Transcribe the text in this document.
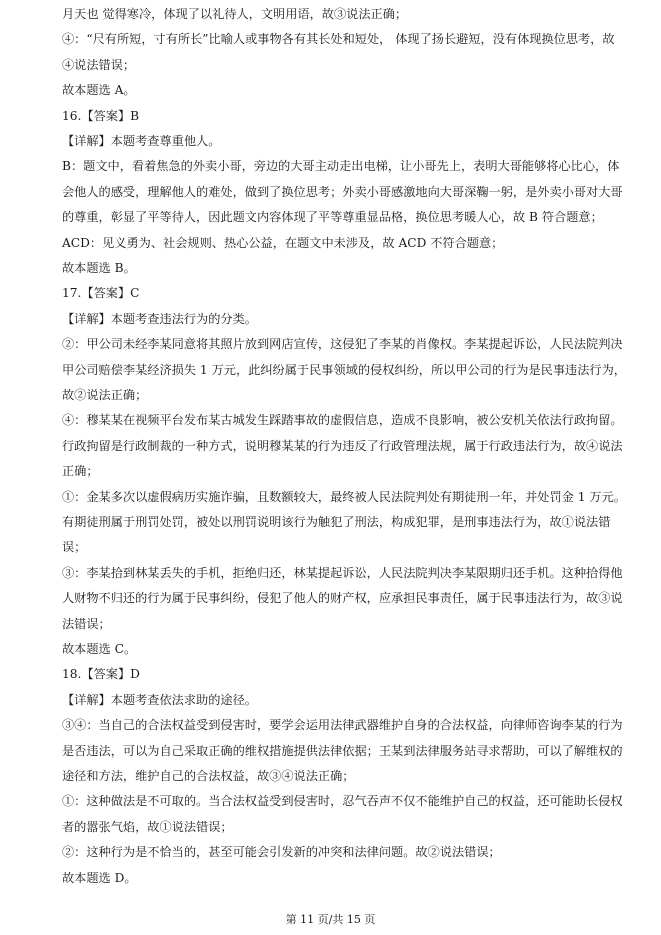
月天也 觉得寒冷，体现了以礼待人，文明用语，故③说法正确；
④：“尺有所短，寸有所长”比喻人或事物各有其长处和短处， 体现了扬长避短，没有体现换位思考，故
④说法错误；
故本题选 A。
16.【答案】B
【详解】本题考查尊重他人。
B：题文中，看着焦急的外卖小哥，旁边的大哥主动走出电梯，让小哥先上，表明大哥能够将心比心，体
会他人的感受，理解他人的难处，做到了换位思考；外卖小哥感激地向大哥深鞠一躬，是外卖小哥对大哥
的尊重，彰显了平等待人，因此题文内容体现了平等尊重显品格，换位思考暖人心，故 B 符合题意；
ACD：见义勇为、社会规则、热心公益，在题文中未涉及，故 ACD 不符合题意；
故本题选 B。
17.【答案】C
【详解】本题考查违法行为的分类。
②：甲公司未经李某同意将其照片放到网店宣传，这侵犯了李某的肖像权。李某提起诉讼，人民法院判决
甲公司赔偿李某经济损失 1 万元，此纠纷属于民事领域的侵权纠纷，所以甲公司的行为是民事违法行为，
故②说法正确；
④：穆某某在视频平台发布某古城发生踩踏事故的虚假信息，造成不良影响，被公安机关依法行政拘留。
行政拘留是行政制裁的一种方式，说明穆某某的行为违反了行政管理法规，属于行政违法行为，故④说法
正确；
①：金某多次以虚假病历实施诈骗，且数额较大，最终被人民法院判处有期徒刑一年，并处罚金 1 万元。
有期徒刑属于刑罚处罚，被处以刑罚说明该行为触犯了刑法，构成犯罪，是刑事违法行为，故①说法错
误；
③：李某拾到林某丢失的手机，拒绝归还，林某提起诉讼，人民法院判决李某限期归还手机。这种拾得他
人财物不归还的行为属于民事纠纷，侵犯了他人的财产权，应承担民事责任，属于民事违法行为，故③说
法错误；
故本题选 C。
18.【答案】D
【详解】本题考查依法求助的途径。
③④：当自己的合法权益受到侵害时，要学会运用法律武器维护自身的合法权益，向律师咨询李某的行为
是否违法，可以为自己采取正确的维权措施提供法律依据；王某到法律服务站寻求帮助，可以了解维权的
途径和方法，维护自己的合法权益，故③④说法正确；
①：这种做法是不可取的。当合法权益受到侵害时，忍气吞声不仅不能维护自己的权益，还可能助长侵权
者的嚣张气焰，故①说法错误；
②：这种行为是不恰当的，甚至可能会引发新的冲突和法律问题。故②说法错误；
故本题选 D。
第 11 页/共 15 页
